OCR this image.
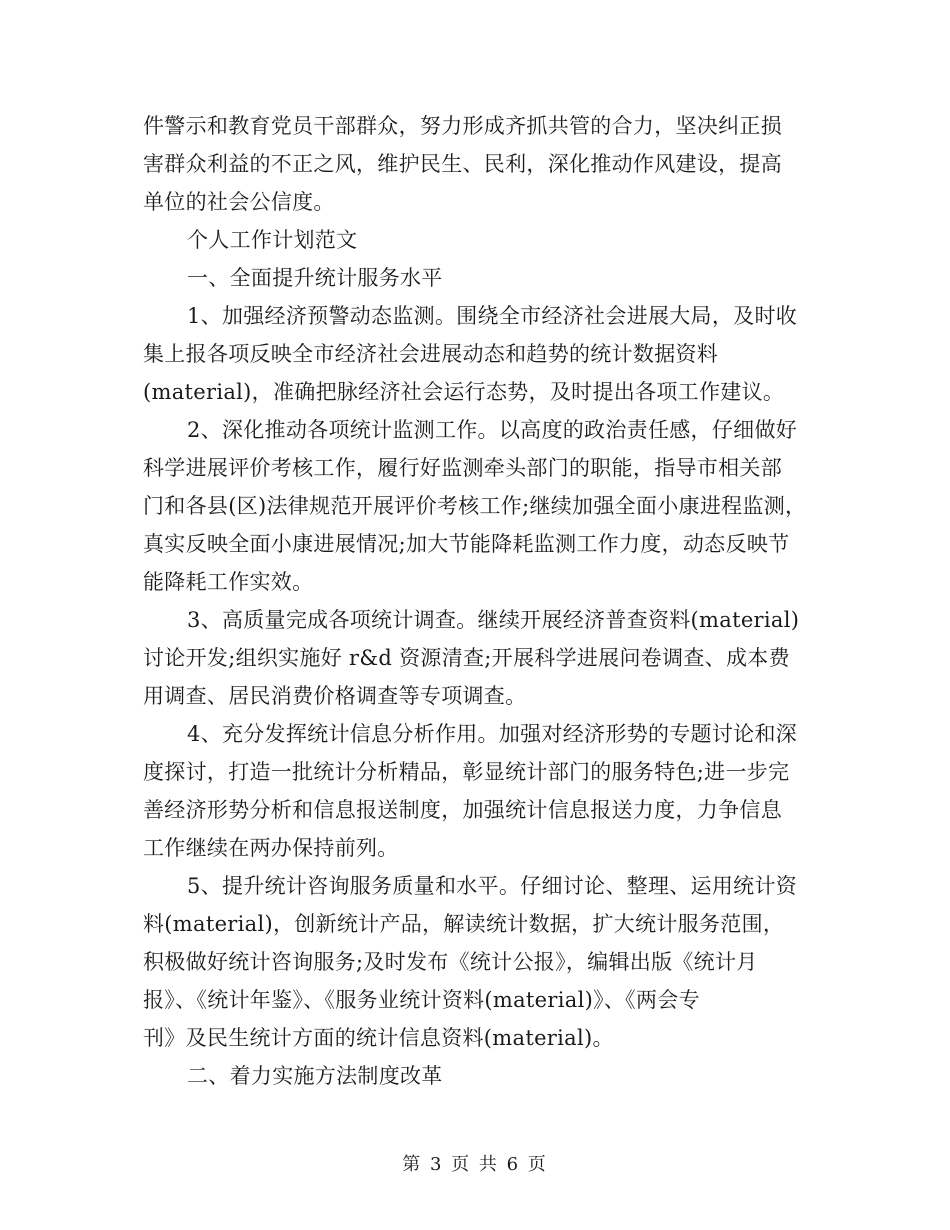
件警示和教育党员干部群众，努力形成齐抓共管的合力，坚决纠正损
害群众利益的不正之风，维护民生、民利，深化推动作风建设，提高
单位的社会公信度。
个人工作计划范文
一、全面提升统计服务水平
1、加强经济预警动态监测。围绕全市经济社会进展大局，及时收
集上报各项反映全市经济社会进展动态和趋势的统计数据资料
(material)，准确把脉经济社会运行态势，及时提出各项工作建议。
2、深化推动各项统计监测工作。以高度的政治责任感，仔细做好
科学进展评价考核工作，履行好监测牵头部门的职能，指导市相关部
门和各县(区)法律规范开展评价考核工作;继续加强全面小康进程监测，
真实反映全面小康进展情况;加大节能降耗监测工作力度，动态反映节
能降耗工作实效。
3、高质量完成各项统计调查。继续开展经济普查资料(material)
讨论开发;组织实施好 r&d 资源清查;开展科学进展问卷调查、成本费
用调查、居民消费价格调查等专项调查。
4、充分发挥统计信息分析作用。加强对经济形势的专题讨论和深
度探讨，打造一批统计分析精品，彰显统计部门的服务特色;进一步完
善经济形势分析和信息报送制度，加强统计信息报送力度，力争信息
工作继续在两办保持前列。
5、提升统计咨询服务质量和水平。仔细讨论、整理、运用统计资
料(material)，创新统计产品，解读统计数据，扩大统计服务范围，
积极做好统计咨询服务;及时发布《统计公报》，编辑出版《统计月
报》、《统计年鉴》、《服务业统计资料(material)》、《两会专
刊》及民生统计方面的统计信息资料(material)。
二、着力实施方法制度改革
第 3 页 共 6 页
